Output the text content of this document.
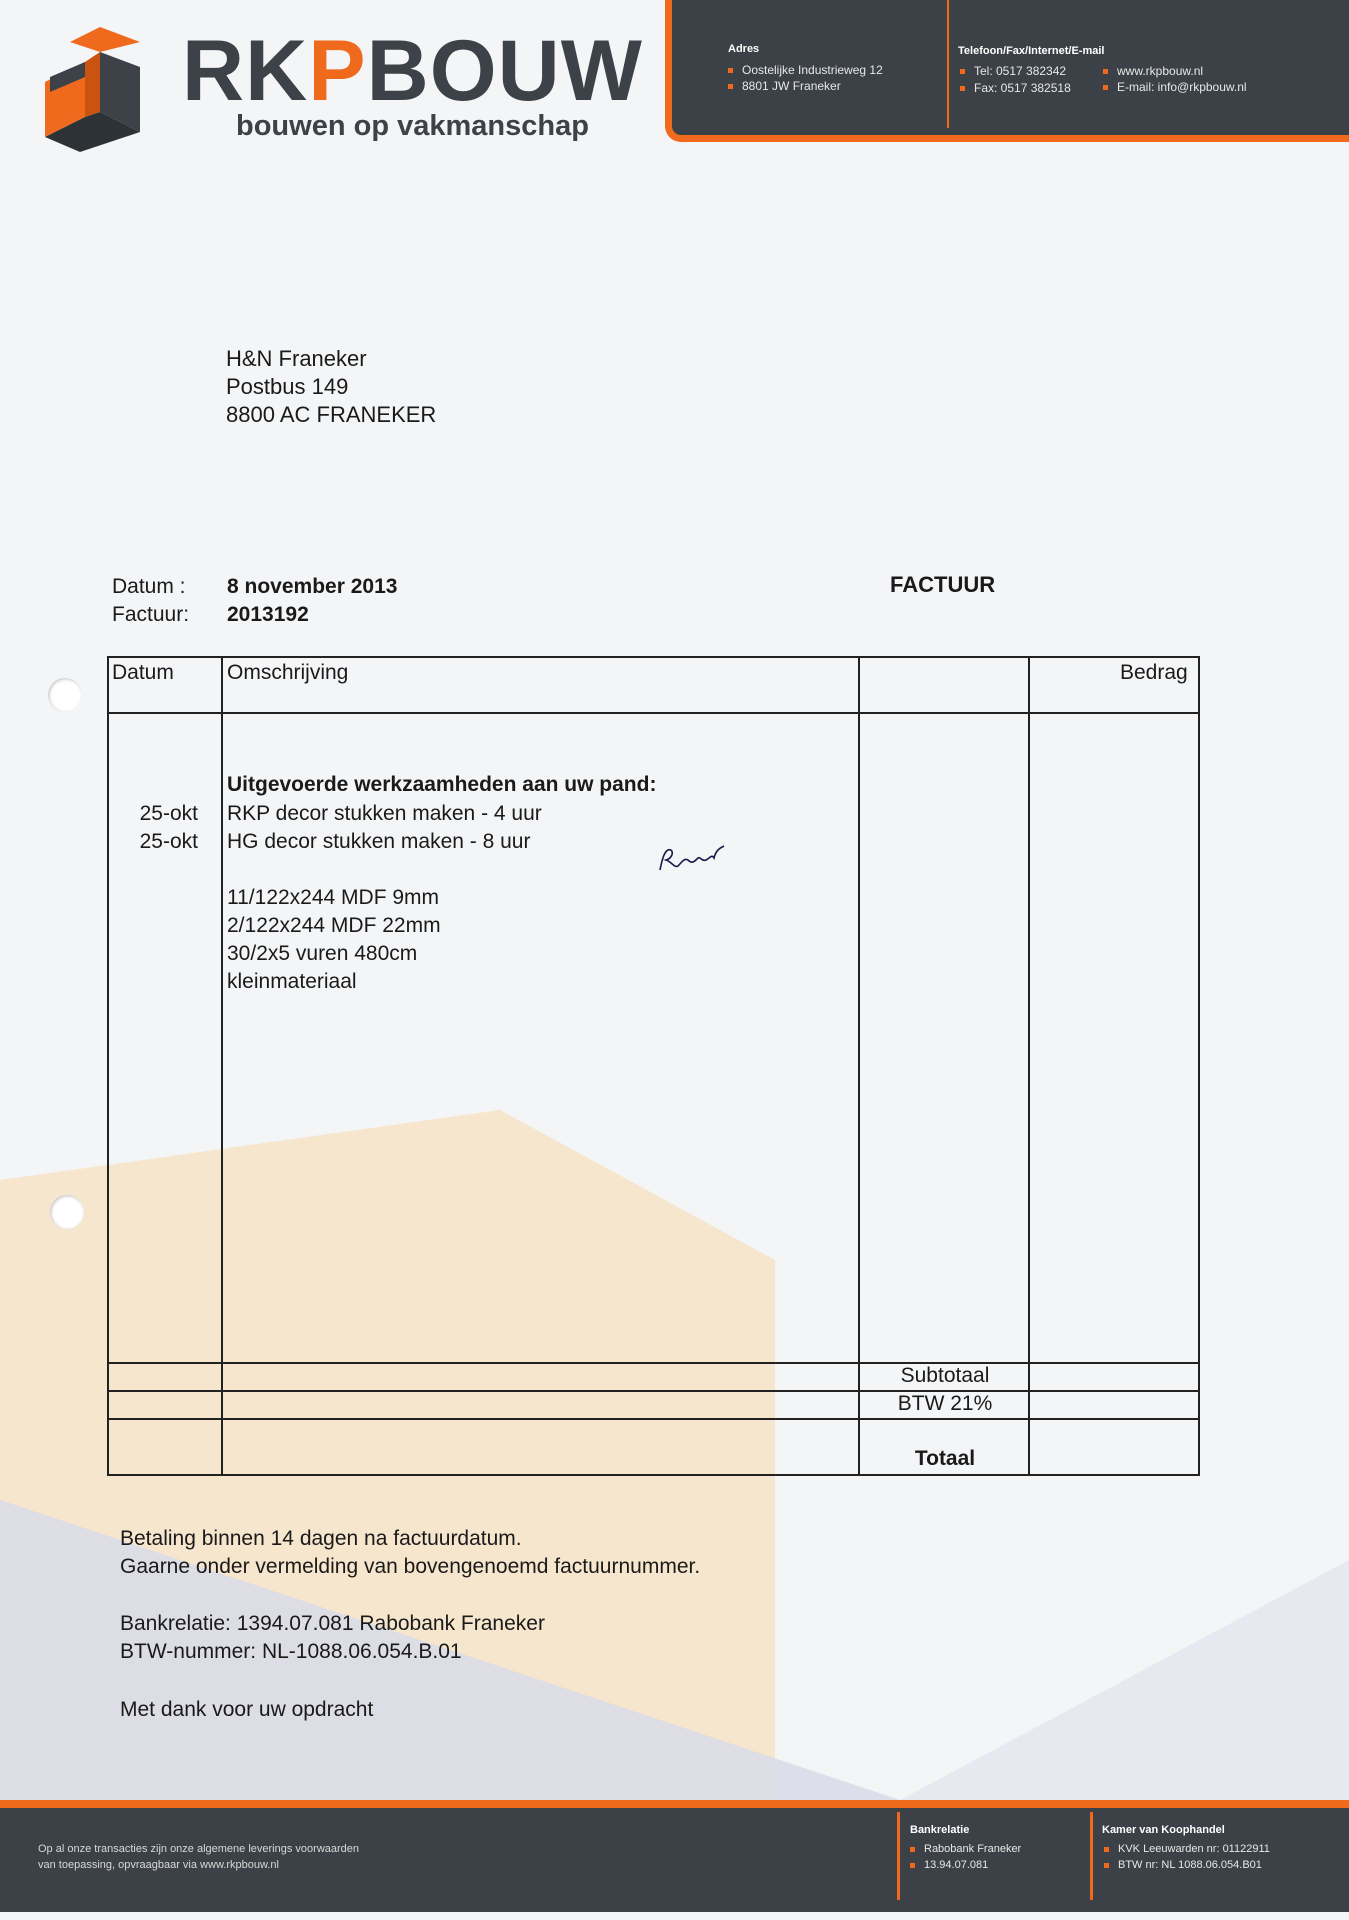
RKPBOUW
bouwen op vakmanschap
Adres
Oostelijke Industrieweg 12
8801 JW Franeker
Telefoon/Fax/Internet/E-mail
Tel: 0517 382342
Fax: 0517 382518
www.rkpbouw.nl
E-mail: info@rkpbouw.nl
H&N Franeker
Postbus 149
8800 AC FRANEKER
Datum : 8 november 2013
Factuur: 2013192
FACTUUR
Datum	Omschrijving	Bedrag
Uitgevoerde werkzaamheden aan uw pand:
25-okt RKP decor stukken maken - 4 uur
25-okt HG decor stukken maken - 8 uur
11/122x244 MDF 9mm
2/122x244 MDF 22mm
30/2x5 vuren 480cm
kleinmateriaal
Subtotaal
BTW 21%
Totaal
Betaling binnen 14 dagen na factuurdatum.
Gaarne onder vermelding van bovengenoemd factuurnummer.
Bankrelatie: 1394.07.081 Rabobank Franeker
BTW-nummer: NL-1088.06.054.B.01
Met dank voor uw opdracht
Op al onze transacties zijn onze algemene leverings voorwaarden
van toepassing, opvraagbaar via www.rkpbouw.nl
Bankrelatie
Rabobank Franeker
13.94.07.081
Kamer van Koophandel
KVK Leeuwarden nr: 01122911
BTW nr: NL 1088.06.054.B01
